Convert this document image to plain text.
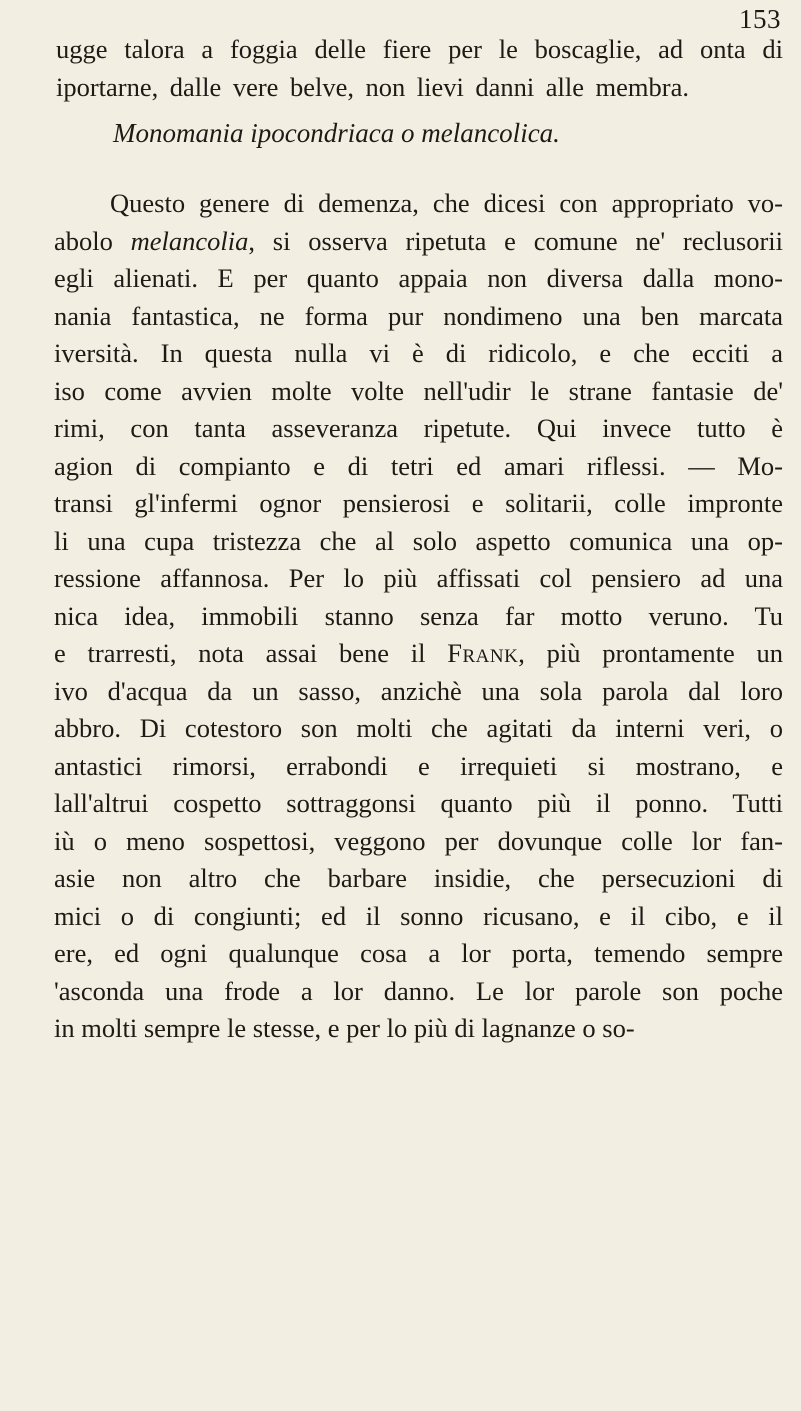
153

ugge talora a foggia delle fiere per le boscaglie, ad onta di

iportarne, dalle vere belve, non lievi danni alle membra.

Monomania ipocondriaca o melancolica.

Questo genere di demenza, che dicesi con appropriato vo-

abolo melancolia, si osserva ripetuta e comune ne' reclusorii

egli alienati. E per quanto appaia non diversa dalla mono-

nania fantastica, ne forma pur nondimeno una ben marcata

iversità. In questa nulla vi è di ridicolo, e che ecciti a

iso come avvien molte volte nell'udir le strane fantasie de'

rimi, con tanta asseveranza ripetute. Qui invece tutto è

agion di compianto e di tetri ed amari riflessi. — Mo-

transi gl'infermi ognor pensierosi e solitarii, colle impronte

li una cupa tristezza che al solo aspetto comunica una op-

ressione affannosa. Per lo più affissati col pensiero ad una

nica idea, immobili stanno senza far motto veruno. Tu

e trarresti, nota assai bene il Frank, più prontamente un

ivo d'acqua da un sasso, anzichè una sola parola dal loro

abbro. Di cotestoro son molti che agitati da interni veri, o

antastici rimorsi, errabondi e irrequieti si mostrano, e

lall'altrui cospetto sottraggonsi quanto più il ponno. Tutti

iù o meno sospettosi, veggono per dovunque colle lor fan-

asie non altro che barbare insidie, che persecuzioni di

mici o di congiunti; ed il sonno ricusano, e il cibo, e il

ere, ed ogni qualunque cosa a lor porta, temendo sempre

'asconda una frode a lor danno. Le lor parole son poche

in molti sempre le stesse, e per lo più di lagnanze o so-
